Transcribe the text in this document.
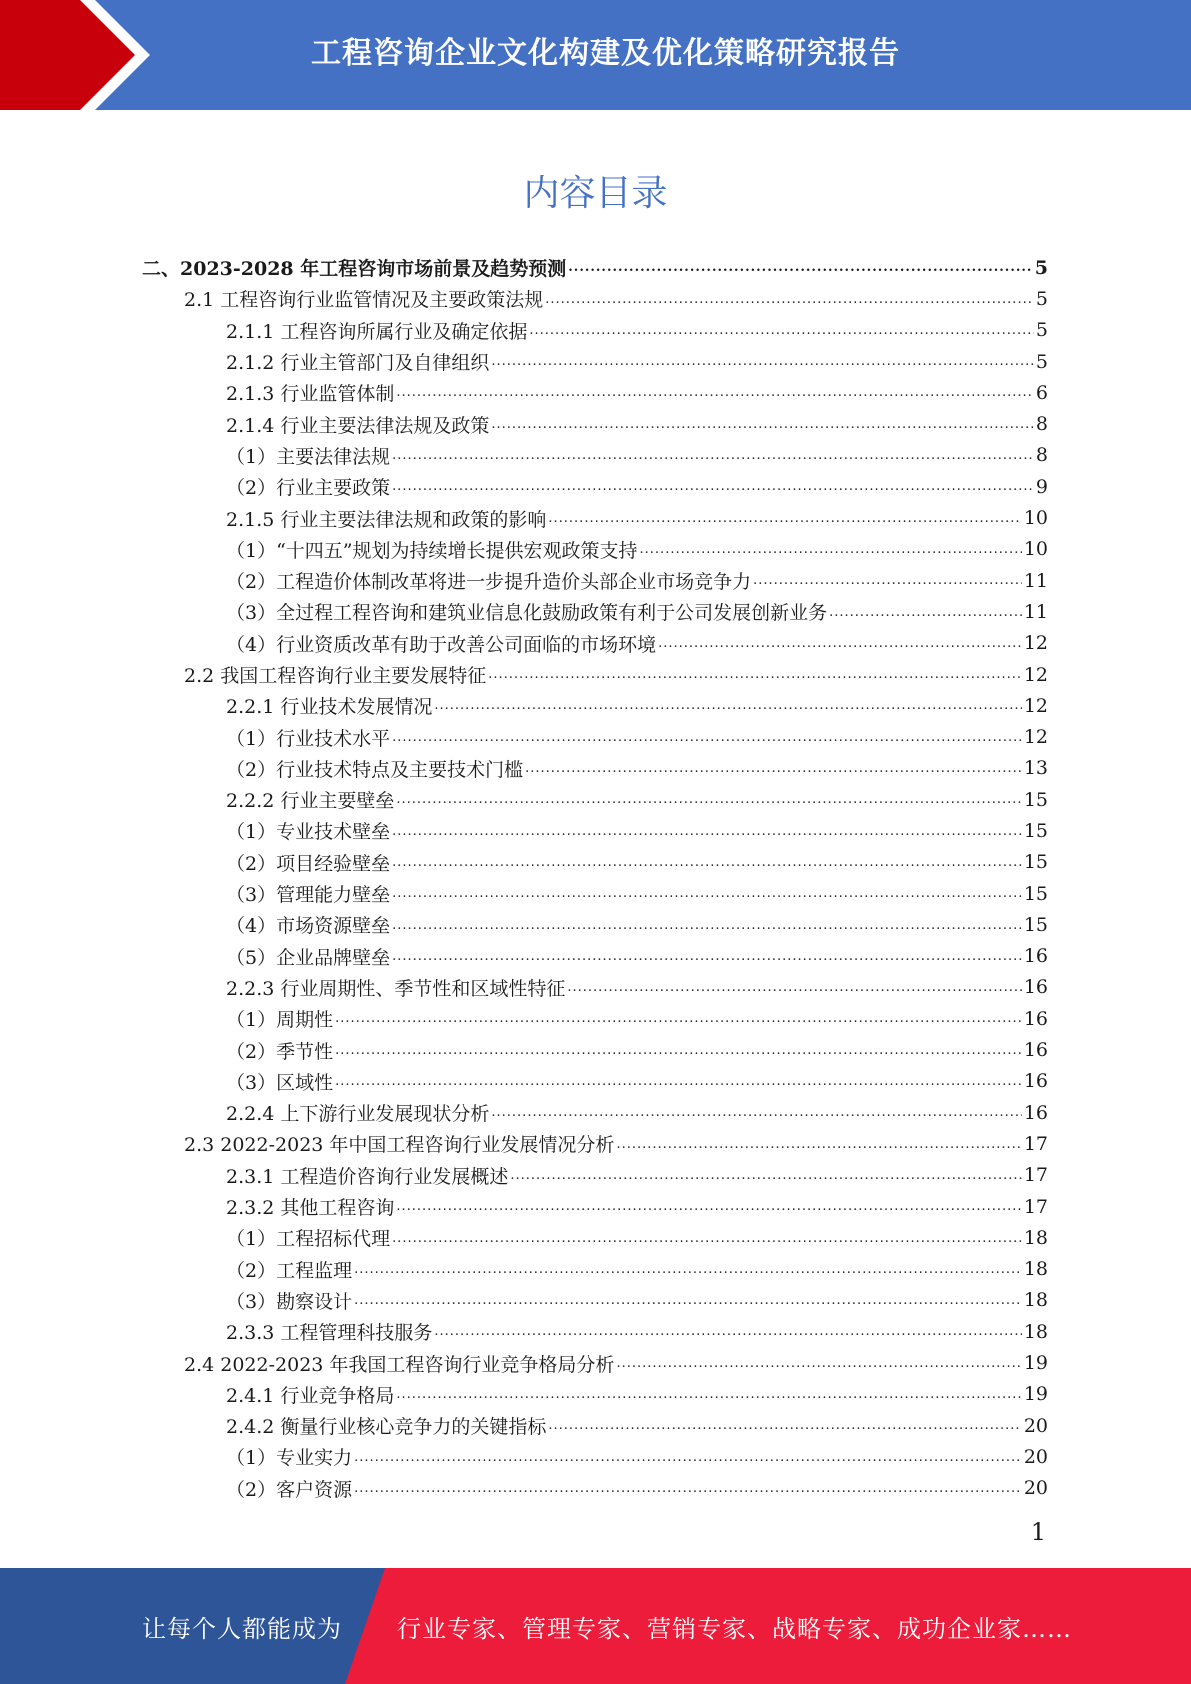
工程咨询企业文化构建及优化策略研究报告
内容目录
二、2023-2028 年工程咨询市场前景及趋势预测 .....	5
2.1 工程咨询行业监管情况及主要政策法规 .....	5
2.1.1 工程咨询所属行业及确定依据 .....	5
2.1.2 行业主管部门及自律组织 .....	5
2.1.3 行业监管体制 .....	6
2.1.4 行业主要法律法规及政策 .....	8
（1）主要法律法规 .....	8
（2）行业主要政策 .....	9
2.1.5 行业主要法律法规和政策的影响 .....	10
（1）“十四五”规划为持续增长提供宏观政策支持 .....	10
（2）工程造价体制改革将进一步提升造价头部企业市场竞争力 .....	11
（3）全过程工程咨询和建筑业信息化鼓励政策有利于公司发展创新业务 .....	11
（4）行业资质改革有助于改善公司面临的市场环境 .....	12
2.2 我国工程咨询行业主要发展特征 .....	12
2.2.1 行业技术发展情况 .....	12
（1）行业技术水平 .....	12
（2）行业技术特点及主要技术门槛 .....	13
2.2.2 行业主要壁垒 .....	15
（1）专业技术壁垒 .....	15
（2）项目经验壁垒 .....	15
（3）管理能力壁垒 .....	15
（4）市场资源壁垒 .....	15
（5）企业品牌壁垒 .....	16
2.2.3 行业周期性、季节性和区域性特征 .....	16
（1）周期性 .....	16
（2）季节性 .....	16
（3）区域性 .....	16
2.2.4 上下游行业发展现状分析 .....	16
2.3 2022-2023 年中国工程咨询行业发展情况分析 .....	17
2.3.1 工程造价咨询行业发展概述 .....	17
2.3.2 其他工程咨询 .....	17
（1）工程招标代理 .....	18
（2）工程监理 .....	18
（3）勘察设计 .....	18
2.3.3 工程管理科技服务 .....	18
2.4 2022-2023 年我国工程咨询行业竞争格局分析 .....	19
2.4.1 行业竞争格局 .....	19
2.4.2 衡量行业核心竞争力的关键指标 .....	20
（1）专业实力 .....	20
（2）客户资源 .....	20
1
让每个人都能成为 行业专家、管理专家、营销专家、战略专家、成功企业家……
